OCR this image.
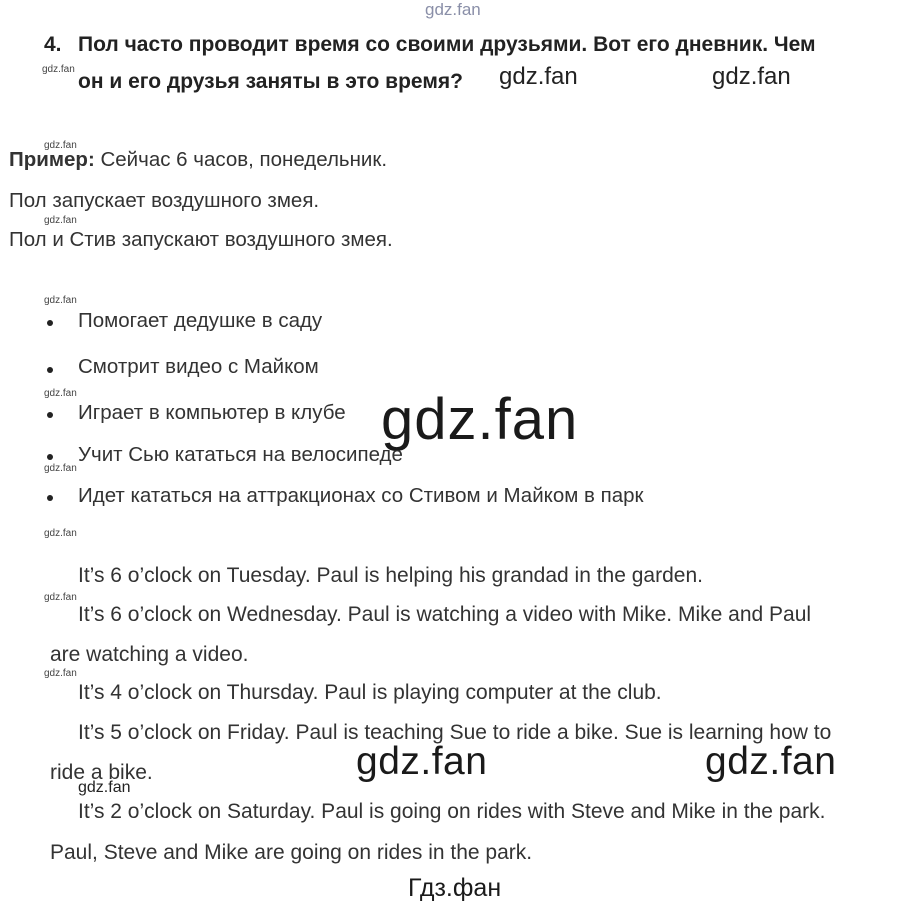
gdz.fan
4. Пол часто проводит время со своими друзьями. Вот его дневник. Чем
он и его друзья заняты в это время?
gdz.fan	gdz.fan	gdz.fan
gdz.fan
Пример: Сейчас 6 часов, понедельник.
Пол запускает воздушного змея.
gdz.fan
Пол и Стив запускают воздушного змея.
gdz.fan
Помогает дедушке в саду
Смотрит видео с Майком
gdz.fan
Играет в компьютер в клубе gdz.fan
gdz.fan
Учит Сью кататься на велосипеде
Идет кататься на аттракционах со Стивом и Майком в парк
gdz.fan
It’s 6 o’clock on Tuesday. Paul is helping his grandad in the garden.
gdz.fan
It’s 6 o’clock on Wednesday. Paul is watching a video with Mike. Mike and Paul
are watching a video.
gdz.fan
It’s 4 o’clock on Thursday. Paul is playing computer at the club.
It’s 5 o’clock on Friday. Paul is teaching Sue to ride a bike. Sue is learning how to
ride a bike.	gdz.fan	gdz.fan
gdz.fan
It’s 2 o’clock on Saturday. Paul is going on rides with Steve and Mike in the park.
Paul, Steve and Mike are going on rides in the park.
Гдз.фан
